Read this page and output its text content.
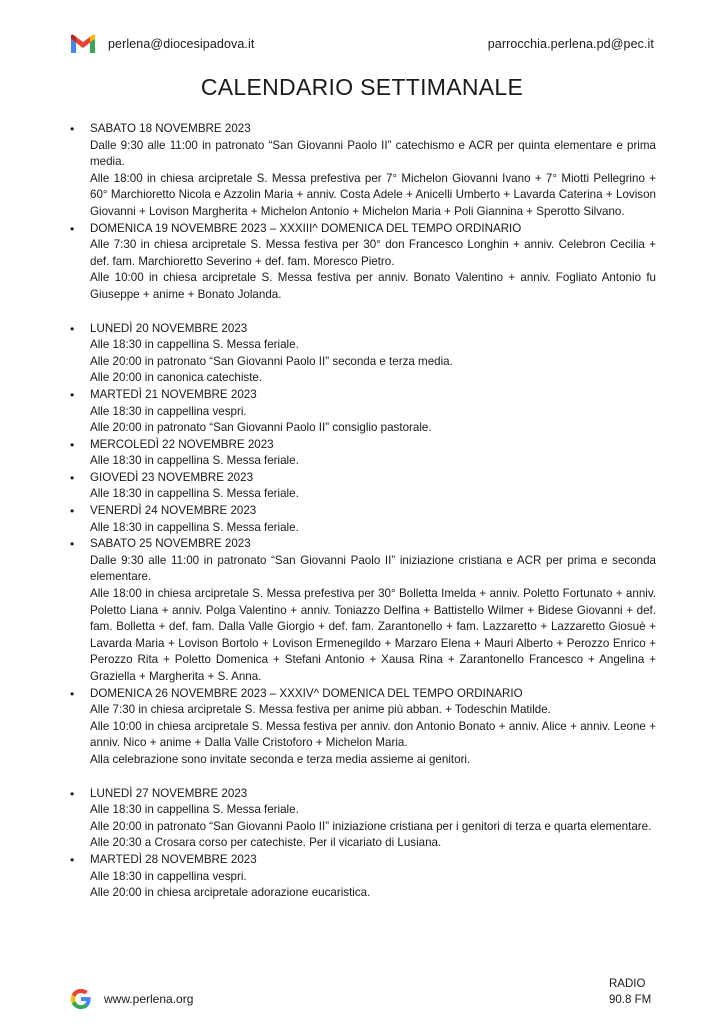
perlena@diocesipadova.it	parrocchia.perlena.pd@pec.it
CALENDARIO SETTIMANALE
• SABATO 18 NOVEMBRE 2023
Dalle 9:30 alle 11:00 in patronato “San Giovanni Paolo II” catechismo e ACR per quinta elementare e prima media.
Alle 18:00 in chiesa arcipretale S. Messa prefestiva per 7° Michelon Giovanni Ivano + 7° Miotti Pellegrino + 60° Marchioretto Nicola e Azzolin Maria + anniv. Costa Adele + Anicelli Umberto + Lavarda Caterina + Lovison Giovanni + Lovison Margherita + Michelon Antonio + Michelon Maria + Poli Giannina + Sperotto Silvano.
• DOMENICA 19 NOVEMBRE 2023 – XXXIII^ DOMENICA DEL TEMPO ORDINARIO
Alle 7:30 in chiesa arcipretale S. Messa festiva per 30° don Francesco Longhin + anniv. Celebron Cecilia + def. fam. Marchioretto Severino + def. fam. Moresco Pietro.
Alle 10:00 in chiesa arcipretale S. Messa festiva per anniv. Bonato Valentino + anniv. Fogliato Antonio fu Giuseppe + anime + Bonato Jolanda.
• LUNEDÌ 20 NOVEMBRE 2023
Alle 18:30 in cappellina S. Messa feriale.
Alle 20:00 in patronato “San Giovanni Paolo II” seconda e terza media.
Alle 20:00 in canonica catechiste.
• MARTEDÌ 21 NOVEMBRE 2023
Alle 18:30 in cappellina vespri.
Alle 20:00 in patronato “San Giovanni Paolo II” consiglio pastorale.
• MERCOLEDÌ 22 NOVEMBRE 2023
Alle 18:30 in cappellina S. Messa feriale.
• GIOVEDÌ 23 NOVEMBRE 2023
Alle 18:30 in cappellina S. Messa feriale.
• VENERDÌ 24 NOVEMBRE 2023
Alle 18:30 in cappellina S. Messa feriale.
• SABATO 25 NOVEMBRE 2023
Dalle 9:30 alle 11:00 in patronato “San Giovanni Paolo II” iniziazione cristiana e ACR per prima e seconda elementare.
Alle 18:00 in chiesa arcipretale S. Messa prefestiva per 30° Bolletta Imelda + anniv. Poletto Fortunato + anniv. Poletto Liana + anniv. Polga Valentino + anniv. Toniazzo Delfina + Battistello Wilmer + Bidese Giovanni + def. fam. Bolletta + def. fam. Dalla Valle Giorgio + def. fam. Zarantonello + fam. Lazzaretto + Lazzaretto Giosuè + Lavarda Maria + Lovison Bortolo + Lovison Ermenegildo + Marzaro Elena + Mauri Alberto + Perozzo Enrico + Perozzo Rita + Poletto Domenica + Stefani Antonio + Xausa Rina + Zarantonello Francesco + Angelina + Graziella + Margherita + S. Anna.
• DOMENICA 26 NOVEMBRE 2023 – XXXIV^ DOMENICA DEL TEMPO ORDINARIO
Alle 7:30 in chiesa arcipretale S. Messa festiva per anime più abban. + Todeschin Matilde.
Alle 10:00 in chiesa arcipretale S. Messa festiva per anniv. don Antonio Bonato + anniv. Alice + anniv. Leone + anniv. Nico + anime + Dalla Valle Cristoforo + Michelon Maria.
Alla celebrazione sono invitate seconda e terza media assieme ai genitori.
• LUNEDÌ 27 NOVEMBRE 2023
Alle 18:30 in cappellina S. Messa feriale.
Alle 20:00 in patronato “San Giovanni Paolo II” iniziazione cristiana per i genitori di terza e quarta elementare.
Alle 20:30 a Crosara corso per catechiste. Per il vicariato di Lusiana.
• MARTEDÌ 28 NOVEMBRE 2023
Alle 18:30 in cappellina vespri.
Alle 20:00 in chiesa arcipretale adorazione eucaristica.
www.perlena.org
RADIO
90.8 FM
